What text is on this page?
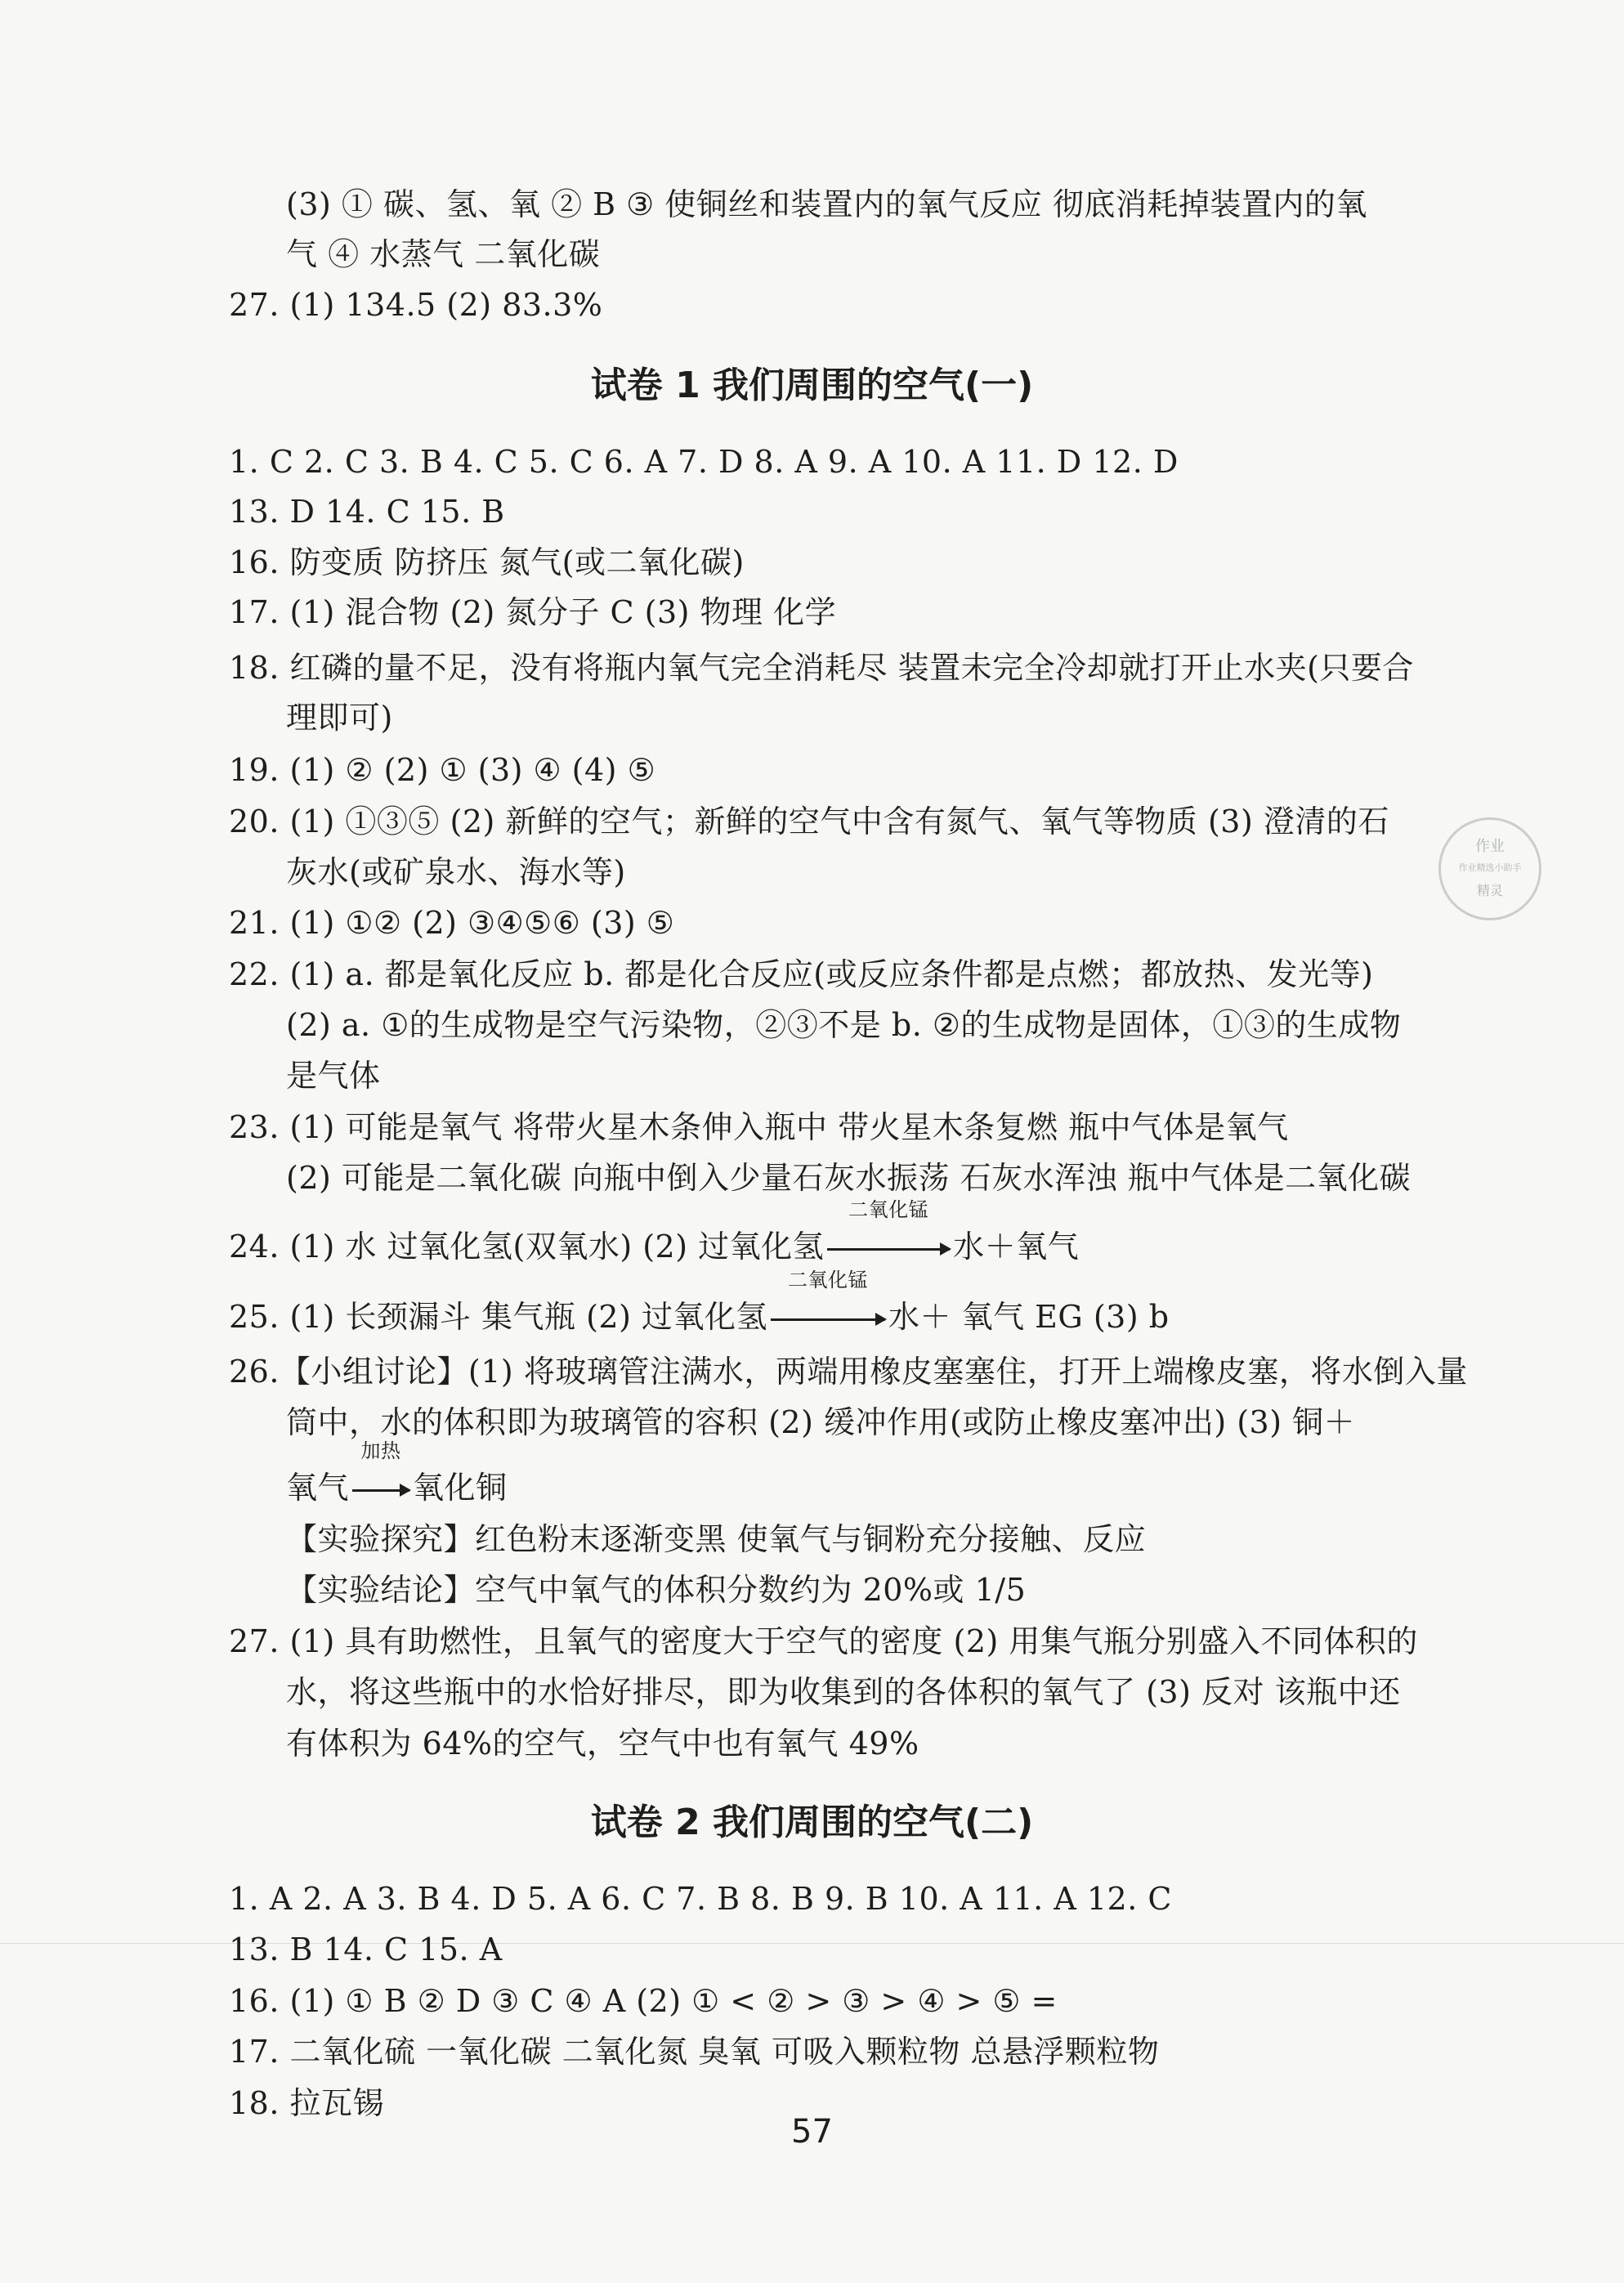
(3) ① 碳、氢、氧 ② B ③ 使铜丝和装置内的氧气反应 彻底消耗掉装置内的氧
气 ④ 水蒸气 二氧化碳
27. (1) 134.5 (2) 83.3%
试卷 1 我们周围的空气(一)
1. C 2. C 3. B 4. C 5. C 6. A 7. D 8. A 9. A 10. A 11. D 12. D
13. D 14. C 15. B
16. 防变质 防挤压 氮气(或二氧化碳)
17. (1) 混合物 (2) 氮分子 C (3) 物理 化学
18. 红磷的量不足，没有将瓶内氧气完全消耗尽 装置未完全冷却就打开止水夹(只要合
理即可)
19. (1) ② (2) ① (3) ④ (4) ⑤
20. (1) ①③⑤ (2) 新鲜的空气；新鲜的空气中含有氮气、氧气等物质 (3) 澄清的石
灰水(或矿泉水、海水等)
21. (1) ①② (2) ③④⑤⑥ (3) ⑤
22. (1) a. 都是氧化反应 b. 都是化合反应(或反应条件都是点燃；都放热、发光等)
(2) a. ①的生成物是空气污染物，②③不是 b. ②的生成物是固体，①③的生成物
是气体
23. (1) 可能是氧气 将带火星木条伸入瓶中 带火星木条复燃 瓶中气体是氧气
(2) 可能是二氧化碳 向瓶中倒入少量石灰水振荡 石灰水浑浊 瓶中气体是二氧化碳
24. (1) 水 过氧化氢(双氧水) (2) 过氧化氢
二氧化锰
水＋氧气
25. (1) 长颈漏斗 集气瓶 (2) 过氧化氢
二氧化锰
水＋ 氧气 EG (3) b
26.【小组讨论】(1) 将玻璃管注满水，两端用橡皮塞塞住，打开上端橡皮塞，将水倒入量
筒中，水的体积即为玻璃管的容积 (2) 缓冲作用(或防止橡皮塞冲出) (3) 铜＋
氧气
加热
氧化铜
【实验探究】红色粉末逐渐变黑 使氧气与铜粉充分接触、反应
【实验结论】空气中氧气的体积分数约为 20%或 1/5
27. (1) 具有助燃性，且氧气的密度大于空气的密度 (2) 用集气瓶分别盛入不同体积的
水，将这些瓶中的水恰好排尽，即为收集到的各体积的氧气了 (3) 反对 该瓶中还
有体积为 64%的空气，空气中也有氧气 49%
试卷 2 我们周围的空气(二)
1. A 2. A 3. B 4. D 5. A 6. C 7. B 8. B 9. B 10. A 11. A 12. C
13. B 14. C 15. A
16. (1) ① B ② D ③ C ④ A (2) ① < ② > ③ > ④ > ⑤ =
17. 二氧化硫 一氧化碳 二氧化氮 臭氧 可吸入颗粒物 总悬浮颗粒物
18. 拉瓦锡
作业
作业精选小助手
精灵
57
